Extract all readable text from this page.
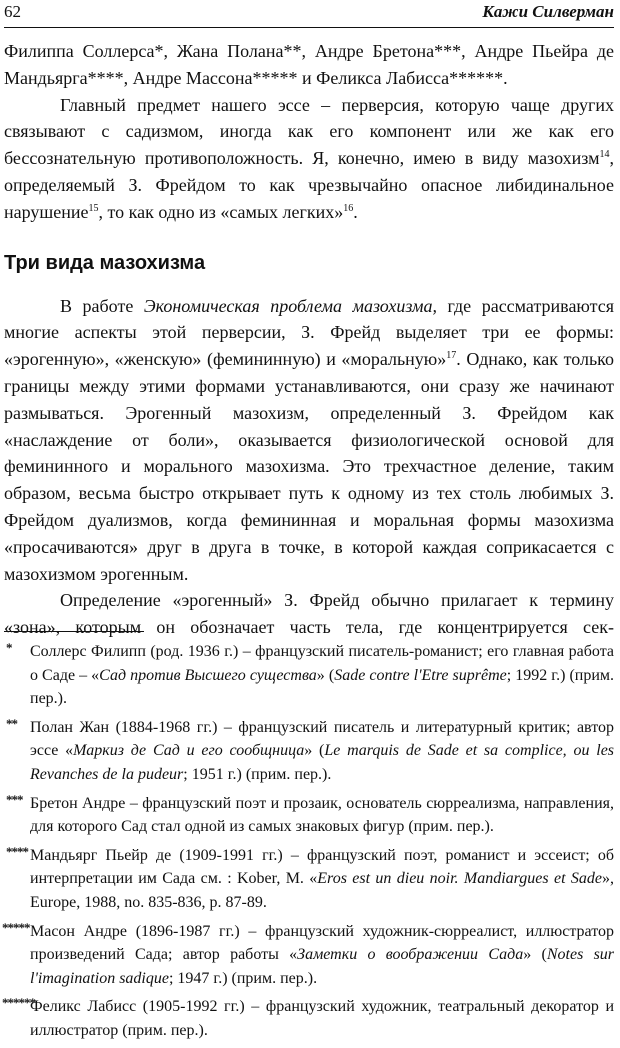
62	Кажи Силверман

Филиппа Соллерса*, Жана Полана**, Андре Бретона***, Андре Пьейра де Мандьярга****, Андре Массона***** и Феликса Лабисса******.

Главный предмет нашего эссе – перверсия, которую чаще других связывают с садизмом, иногда как его компонент или же как его бессознательную противоположность. Я, конечно, имею в виду мазохизм$^{14}$, определяемый З. Фрейдом то как чрезвычайно опасное либидинальное нарушение$^{15}$, то как одно из «самых легких»$^{16}$.

Три вида мазохизма

В работе Экономическая проблема мазохизма, где рассматриваются многие аспекты этой перверсии, З. Фрейд выделяет три ее формы: «эрогенную», «женскую» (фемининную) и «моральную»$^{17}$. Однако, как только границы между этими формами устанавливаются, они сразу же начинают размываться. Эрогенный мазохизм, определенный З. Фрейдом как «наслаждение от боли», оказывается физиологической основой для фемининного и морального мазохизма. Это трехчастное деление, таким образом, весьма быстро открывает путь к одному из тех столь любимых З. Фрейдом дуализмов, когда фемининная и моральная формы мазохизма «просачиваются» друг в друга в точке, в которой каждая соприкасается с мазохизмом эрогенным.

Определение «эрогенный» З. Фрейд обычно прилагает к термину «зона», которым он обозначает часть тела, где концентрируется сек-

* Соллерс Филипп (род. 1936 г.) – французский писатель-романист; его главная работа о Саде – «Сад против Высшего существа» (Sade contre l'Etre suprême; 1992 г.) (прим. пер.).

** Полан Жан (1884-1968 гг.) – французский писатель и литературный критик; автор эссе «Маркиз де Сад и его сообщница» (Le marquis de Sade et sa complice, ou les Revanches de la pudeur; 1951 г.) (прим. пер.).

*** Бретон Андре – французский поэт и прозаик, основатель сюрреализма, направления, для которого Сад стал одной из самых знаковых фигур (прим. пер.).

**** Мандьярг Пьейр де (1909-1991 гг.) – французский поэт, романист и эссеист; об интерпретации им Сада см. : Kober, M. «Eros est un dieu noir. Mandiargues et Sade», Europe, 1988, no. 835-836, p. 87-89.

***** Масон Андре (1896-1987 гг.) – французский художник-сюрреалист, иллюстратор произведений Сада; автор работы «Заметки о воображении Сада» (Notes sur l'imagination sadique; 1947 г.) (прим. пер.).

******
Феликс Лабисс (1905-1992 гг.) – французский художник, театральный декоратор и иллюстратор (прим. пер.).
